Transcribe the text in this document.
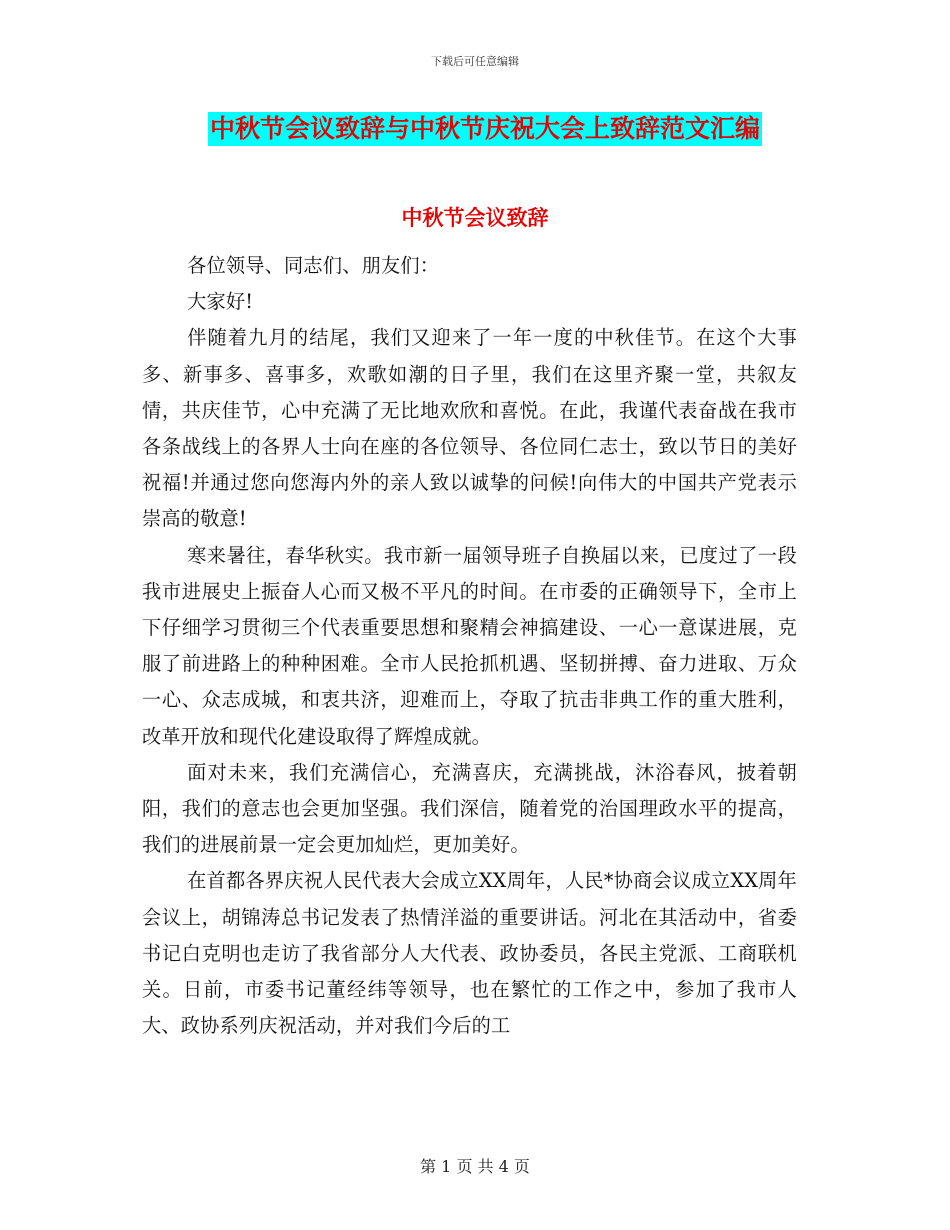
下载后可任意编辑
中秋节会议致辞与中秋节庆祝大会上致辞范文汇编
中秋节会议致辞

各位领导、同志们、朋友们：

大家好!

伴随着九月的结尾，我们又迎来了一年一度的中秋佳节。在这个大事多、新事多、喜事多，欢歌如潮的日子里，我们在这里齐聚一堂，共叙友情，共庆佳节，心中充满了无比地欢欣和喜悦。在此，我谨代表奋战在我市各条战线上的各界人士向在座的各位领导、各位同仁志士，致以节日的美好祝福!并通过您向您海内外的亲人致以诚挚的问候!向伟大的中国共产党表示崇高的敬意!

寒来暑往，春华秋实。我市新一届领导班子自换届以来，已度过了一段我市进展史上振奋人心而又极不平凡的时间。在市委的正确领导下，全市上下仔细学习贯彻三个代表重要思想和聚精会神搞建设、一心一意谋进展，克服了前进路上的种种困难。全市人民抢抓机遇、坚韧拼搏、奋力进取、万众一心、众志成城，和衷共济，迎难而上，夺取了抗击非典工作的重大胜利，改革开放和现代化建设取得了辉煌成就。

面对未来，我们充满信心，充满喜庆，充满挑战，沐浴春风，披着朝阳，我们的意志也会更加坚强。我们深信，随着党的治国理政水平的提高，我们的进展前景一定会更加灿烂，更加美好。

在首都各界庆祝人民代表大会成立XX周年，人民*协商会议成立XX周年会议上，胡锦涛总书记发表了热情洋溢的重要讲话。河北在其活动中，省委书记白克明也走访了我省部分人大代表、政协委员，各民主党派、工商联机关。日前，市委书记董经纬等领导，也在繁忙的工作之中，参加了我市人大、政协系列庆祝活动，并对我们今后的工

第 1 页 共 4 页
